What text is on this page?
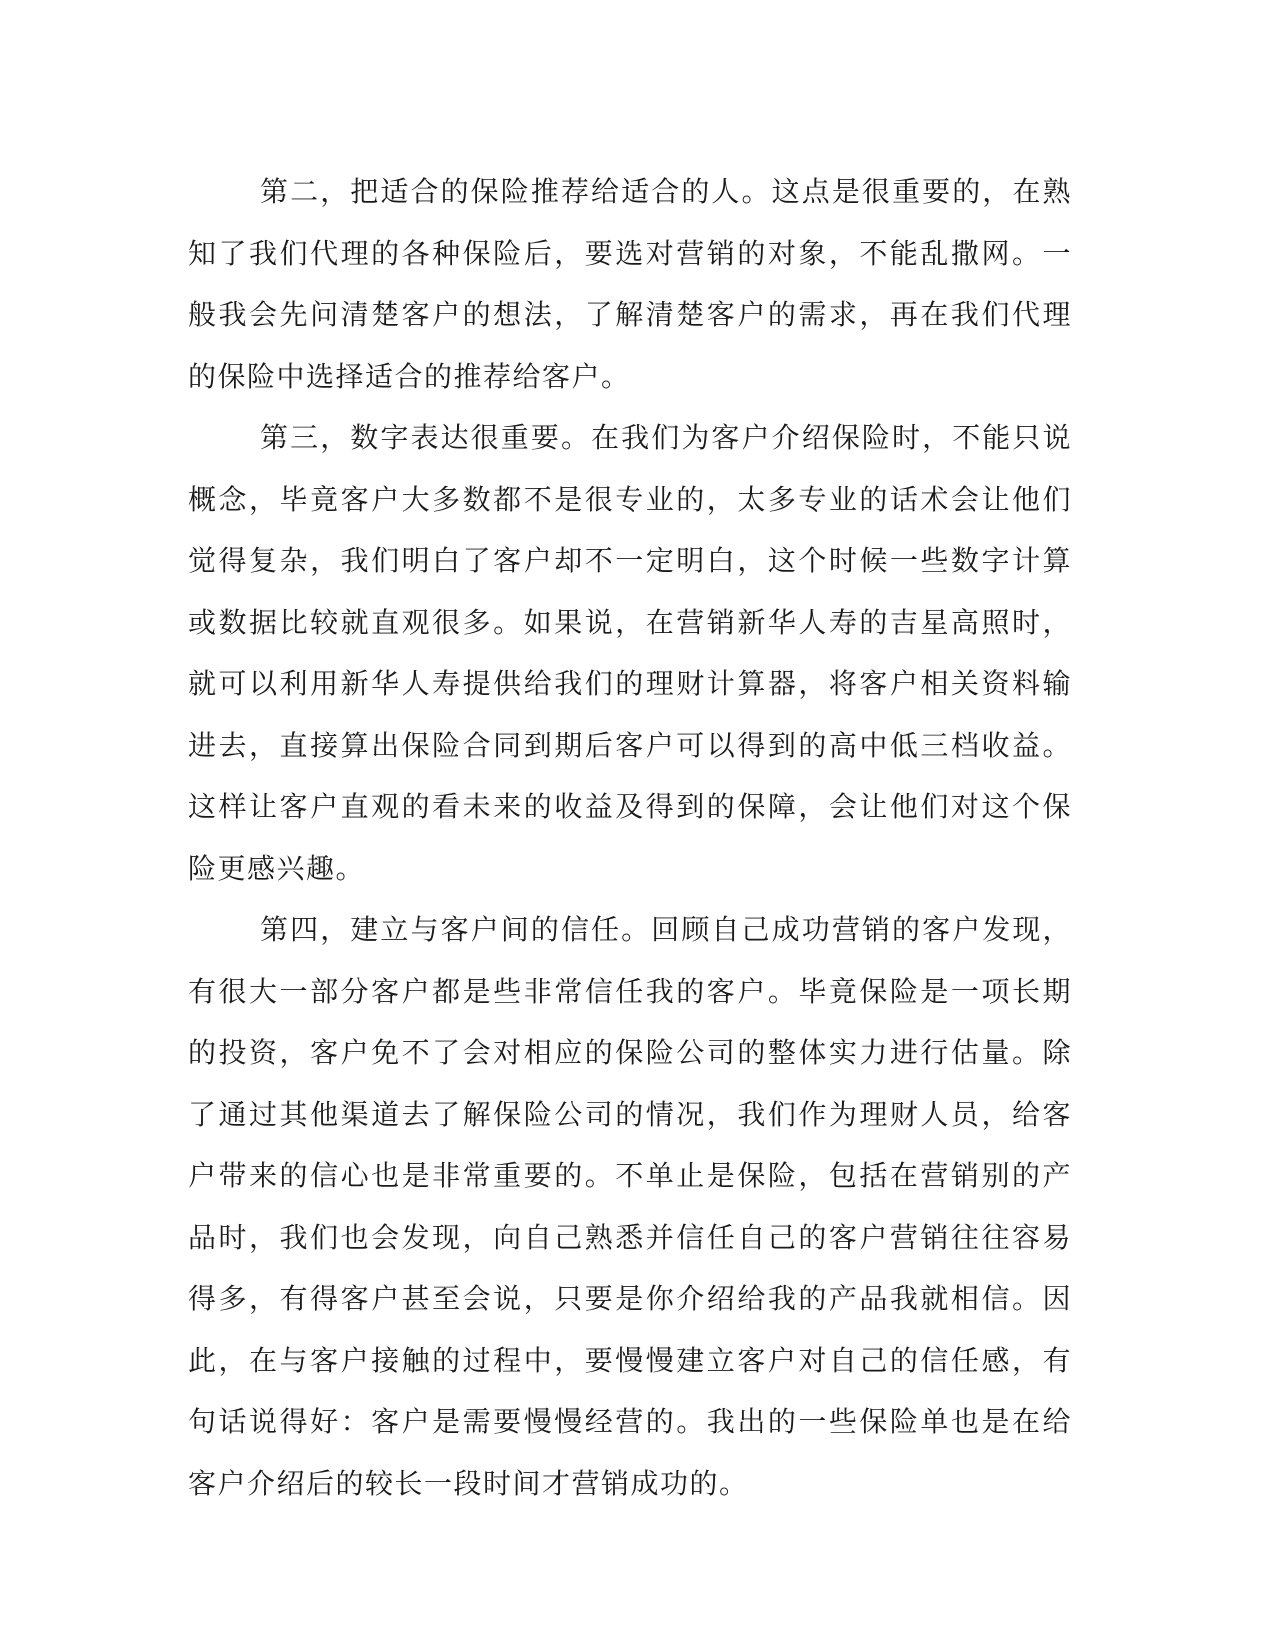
第二，把适合的保险推荐给适合的人。这点是很重要的，在熟知了我们代理的各种保险后，要选对营销的对象，不能乱撒网。一般我会先问清楚客户的想法，了解清楚客户的需求，再在我们代理的保险中选择适合的推荐给客户。

第三，数字表达很重要。在我们为客户介绍保险时，不能只说概念，毕竟客户大多数都不是很专业的，太多专业的话术会让他们觉得复杂，我们明白了客户却不一定明白，这个时候一些数字计算或数据比较就直观很多。如果说，在营销新华人寿的吉星高照时，就可以利用新华人寿提供给我们的理财计算器，将客户相关资料输进去，直接算出保险合同到期后客户可以得到的高中低三档收益。这样让客户直观的看未来的收益及得到的保障，会让他们对这个保险更感兴趣。

第四，建立与客户间的信任。回顾自己成功营销的客户发现，有很大一部分客户都是些非常信任我的客户。毕竟保险是一项长期的投资，客户免不了会对相应的保险公司的整体实力进行估量。除了通过其他渠道去了解保险公司的情况，我们作为理财人员，给客户带来的信心也是非常重要的。不单止是保险，包括在营销别的产品时，我们也会发现，向自己熟悉并信任自己的客户营销往往容易得多，有得客户甚至会说，只要是你介绍给我的产品我就相信。因此，在与客户接触的过程中，要慢慢建立客户对自己的信任感，有句话说得好：客户是需要慢慢经营的。我出的一些保险单也是在给客户介绍后的较长一段时间才营销成功的。
